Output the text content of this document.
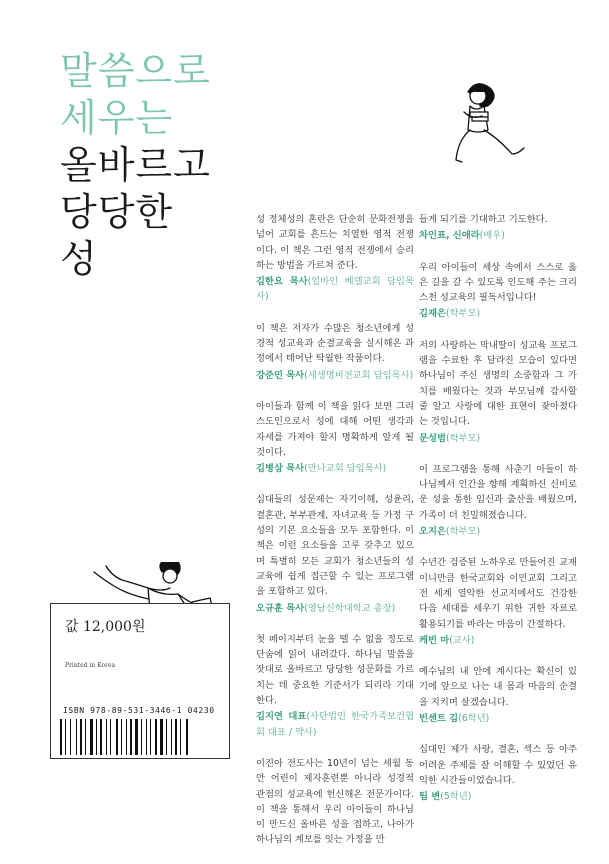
말씀으로
세우는
올바르고
당당한
성
성 정체성의 혼란은 단순히 문화전쟁을 넘어 교회를 흔드는 치열한 영적 전쟁이다. 이 책은 그런 영적 전쟁에서 승리하는 방법을 가르쳐 준다.
김한요 목사(얼바인 베델교회 담임목사)
이 책은 저자가 수많은 청소년에게 성경적 성교육과 순결교육을 실시해온 과정에서 태어난 탁월한 작품이다.
강준민 목사(새생명비전교회 담임목사)
아이들과 함께 이 책을 읽다 보면 그리스도인으로서 성에 대해 어떤 생각과 자세를 가져야 할지 명확하게 알게 될 것이다.
김병삼 목사(만나교회 담임목사)
십대들의 성문제는 자기이해, 성윤리, 결혼관, 부부관계, 자녀교육 등 가정 구성의 기본 요소들을 모두 포함한다. 이 책은 이런 요소들을 고루 갖추고 있으며 특별히 모든 교회가 청소년들의 성교육에 쉽게 접근할 수 있는 프로그램을 포함하고 있다.
오규훈 목사(영남신학대학교 총장)
첫 페이지부터 눈을 뗄 수 없을 정도로 단숨에 읽어 내려갔다. 하나님 말씀을 잣대로 올바르고 당당한 성문화를 가르치는 데 중요한 기준서가 되리라 기대한다.
김지연 대표(사단법인 한국가족보건협회 대표 / 약사)
이진아 전도사는 10년이 넘는 세월 동안 어린이 제자훈련뿐 아니라 성경적 관점의 성교육에 헌신해온 전문가이다. 이 책을 통해서 우리 아이들이 하나님이 만드신 올바른 성을 접하고, 나아가 하나님의 계보를 잇는 가정을 만
들게 되기를 기대하고 기도한다.
차인표, 신애라(배우)
우리 아이들이 세상 속에서 스스로 옳은 길을 갈 수 있도록 인도해 주는 크리스천 성교육의 필독서입니다!
김재은(학부모)
저의 사랑하는 막내딸이 성교육 프로그램을 수료한 후 달라진 모습이 있다면 하나님이 주신 생명의 소중함과 그 가치를 배웠다는 것과 부모님께 감사할 줄 알고 사랑에 대한 표현이 잦아졌다는 것입니다.
문성범(학부모)
이 프로그램을 통해 사춘기 아들이 하나님께서 인간을 향해 계획하신 신비로운 성을 통한 임신과 출산을 배웠으며, 가족이 더 친밀해졌습니다.
오지은(학부모)
수년간 검증된 노하우로 만들어진 교재이니만큼 한국교회와 이민교회 그리고 전 세계 열악한 선교지에서도 건강한 다음 세대를 세우기 위한 귀한 자료로 활용되기를 바라는 마음이 간절하다.
케빈 마(교사)
예수님의 내 안에 계시다는 확신이 있기에 앞으로 나는 내 몸과 마음의 순결을 지키며 살겠습니다.
빈센트 김(6학년)
십대인 제가 사랑, 결혼, 섹스 등 아주 어려운 주제를 잘 이해할 수 있었던 유익한 시간들이었습니다.
팀 변(5학년)
값 12,000원
Printed in Korea
ISBN 978-89-531-3446-1 04230
